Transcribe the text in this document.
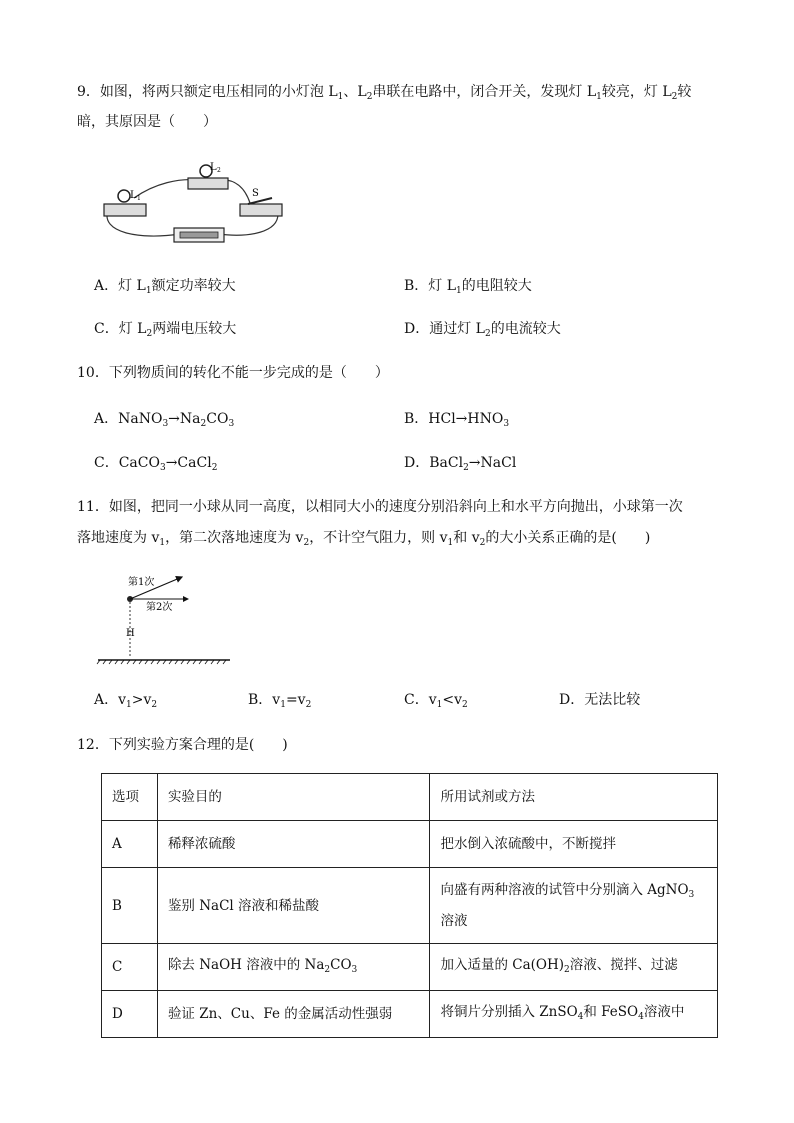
9．如图，将两只额定电压相同的小灯泡 $L_1$、$L_2$串联在电路中，闭合开关，发现灯 $L_1$较亮，灯 $L_2$较
暗，其原因是（　　）
L 1
L 2
S
A．灯 $L_1$额定功率较大	B．灯 $L_1$的电阻较大
C．灯 $L_2$两端电压较大	D．通过灯 $L_2$的电流较大
10．下列物质间的转化不能一步完成的是（　　）
A．$NaNO_3\to Na_2CO_3$	B．$HCl\to HNO_3$
C．CaCO$_3$→CaCl$_2$	D．BaCl$_2$→NaCl
11．如图，把同一小球从同一高度，以相同大小的速度分别沿斜向上和水平方向抛出，小球第一次
落地速度为 $v_1$，第二次落地速度为 $v_2$，不计空气阻力，则 $v_1$和 $v_2$的大小关系正确的是(　　)
第1次
第2次
H
A．$v_1>v_2$	B．$v_1=v_2$	C．$v_1<v_2$	D．无法比较
12．下列实验方案合理的是(　　)
选项	实验目的	所用试剂或方法
A	稀释浓硫酸	把水倒入浓硫酸中，不断搅拌
B	鉴别 NaCl 溶液和稀盐酸	向盛有两种溶液的试管中分别滴入 AgNO$_3$
溶液
C	除去 NaOH 溶液中的 $Na_2CO_3$	加入适量的 $Ca(OH)_2$溶液、搅拌、过滤
D	验证 Zn、Cu、Fe 的金属活动性强弱	将铜片分别插入 ZnSO$_4$和 FeSO$_4$溶液中
